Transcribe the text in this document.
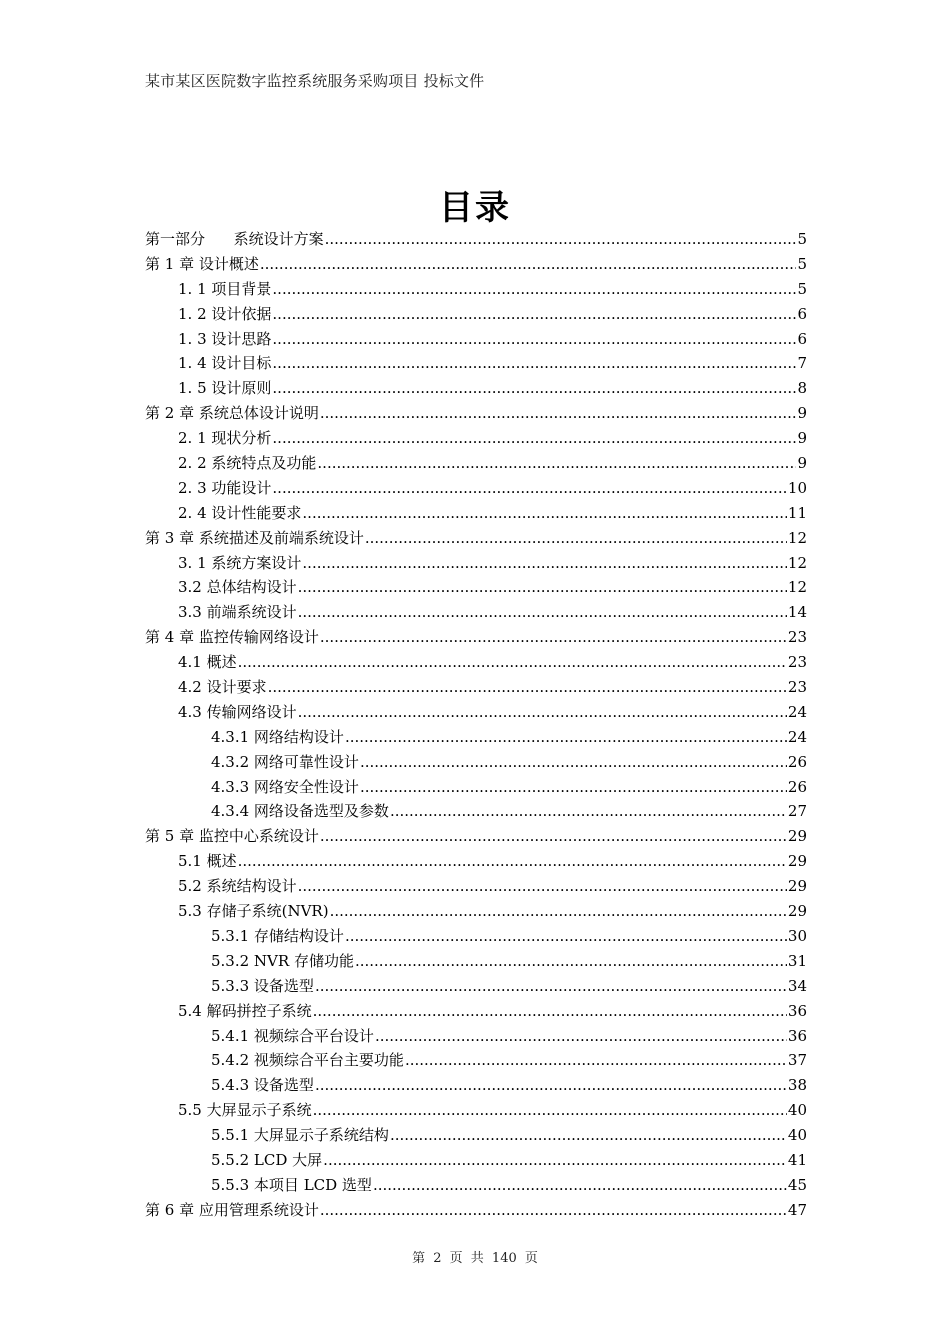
某市某区医院数字监控系统服务采购项目 投标文件
目录
第一部分      系统设计方案 .....	5
第 1 章 设计概述 .....	5
1. 1 项目背景 .....	5
1. 2 设计依据 .....	6
1. 3 设计思路 .....	6
1. 4 设计目标 .....	7
1. 5 设计原则 .....	8
第 2 章 系统总体设计说明 .....	9
2. 1 现状分析 .....	9
2. 2 系统特点及功能 .....	9
2. 3 功能设计 .....	10
2. 4 设计性能要求 .....	11
第 3 章 系统描述及前端系统设计 .....	12
3. 1 系统方案设计 .....	12
3.2 总体结构设计 .....	12
3.3 前端系统设计 .....	14
第 4 章 监控传输网络设计 .....	23
4.1 概述 .....	23
4.2 设计要求 .....	23
4.3 传输网络设计 .....	24
4.3.1 网络结构设计 .....	24
4.3.2 网络可靠性设计 .....	26
4.3.3 网络安全性设计 .....	26
4.3.4 网络设备选型及参数 .....	27
第 5 章 监控中心系统设计 .....	29
5.1 概述 .....	29
5.2 系统结构设计 .....	29
5.3 存储子系统(NVR) .....	29
5.3.1 存储结构设计 .....	30
5.3.2 NVR 存储功能 .....	31
5.3.3 设备选型 .....	34
5.4 解码拼控子系统 .....	36
5.4.1 视频综合平台设计 .....	36
5.4.2 视频综合平台主要功能 .....	37
5.4.3 设备选型 .....	38
5.5 大屏显示子系统 .....	40
5.5.1 大屏显示子系统结构 .....	40
5.5.2 LCD 大屏 .....	41
5.5.3 本项目 LCD 选型 .....	45
第 6 章 应用管理系统设计 .....	47
第 2 页 共 140 页
